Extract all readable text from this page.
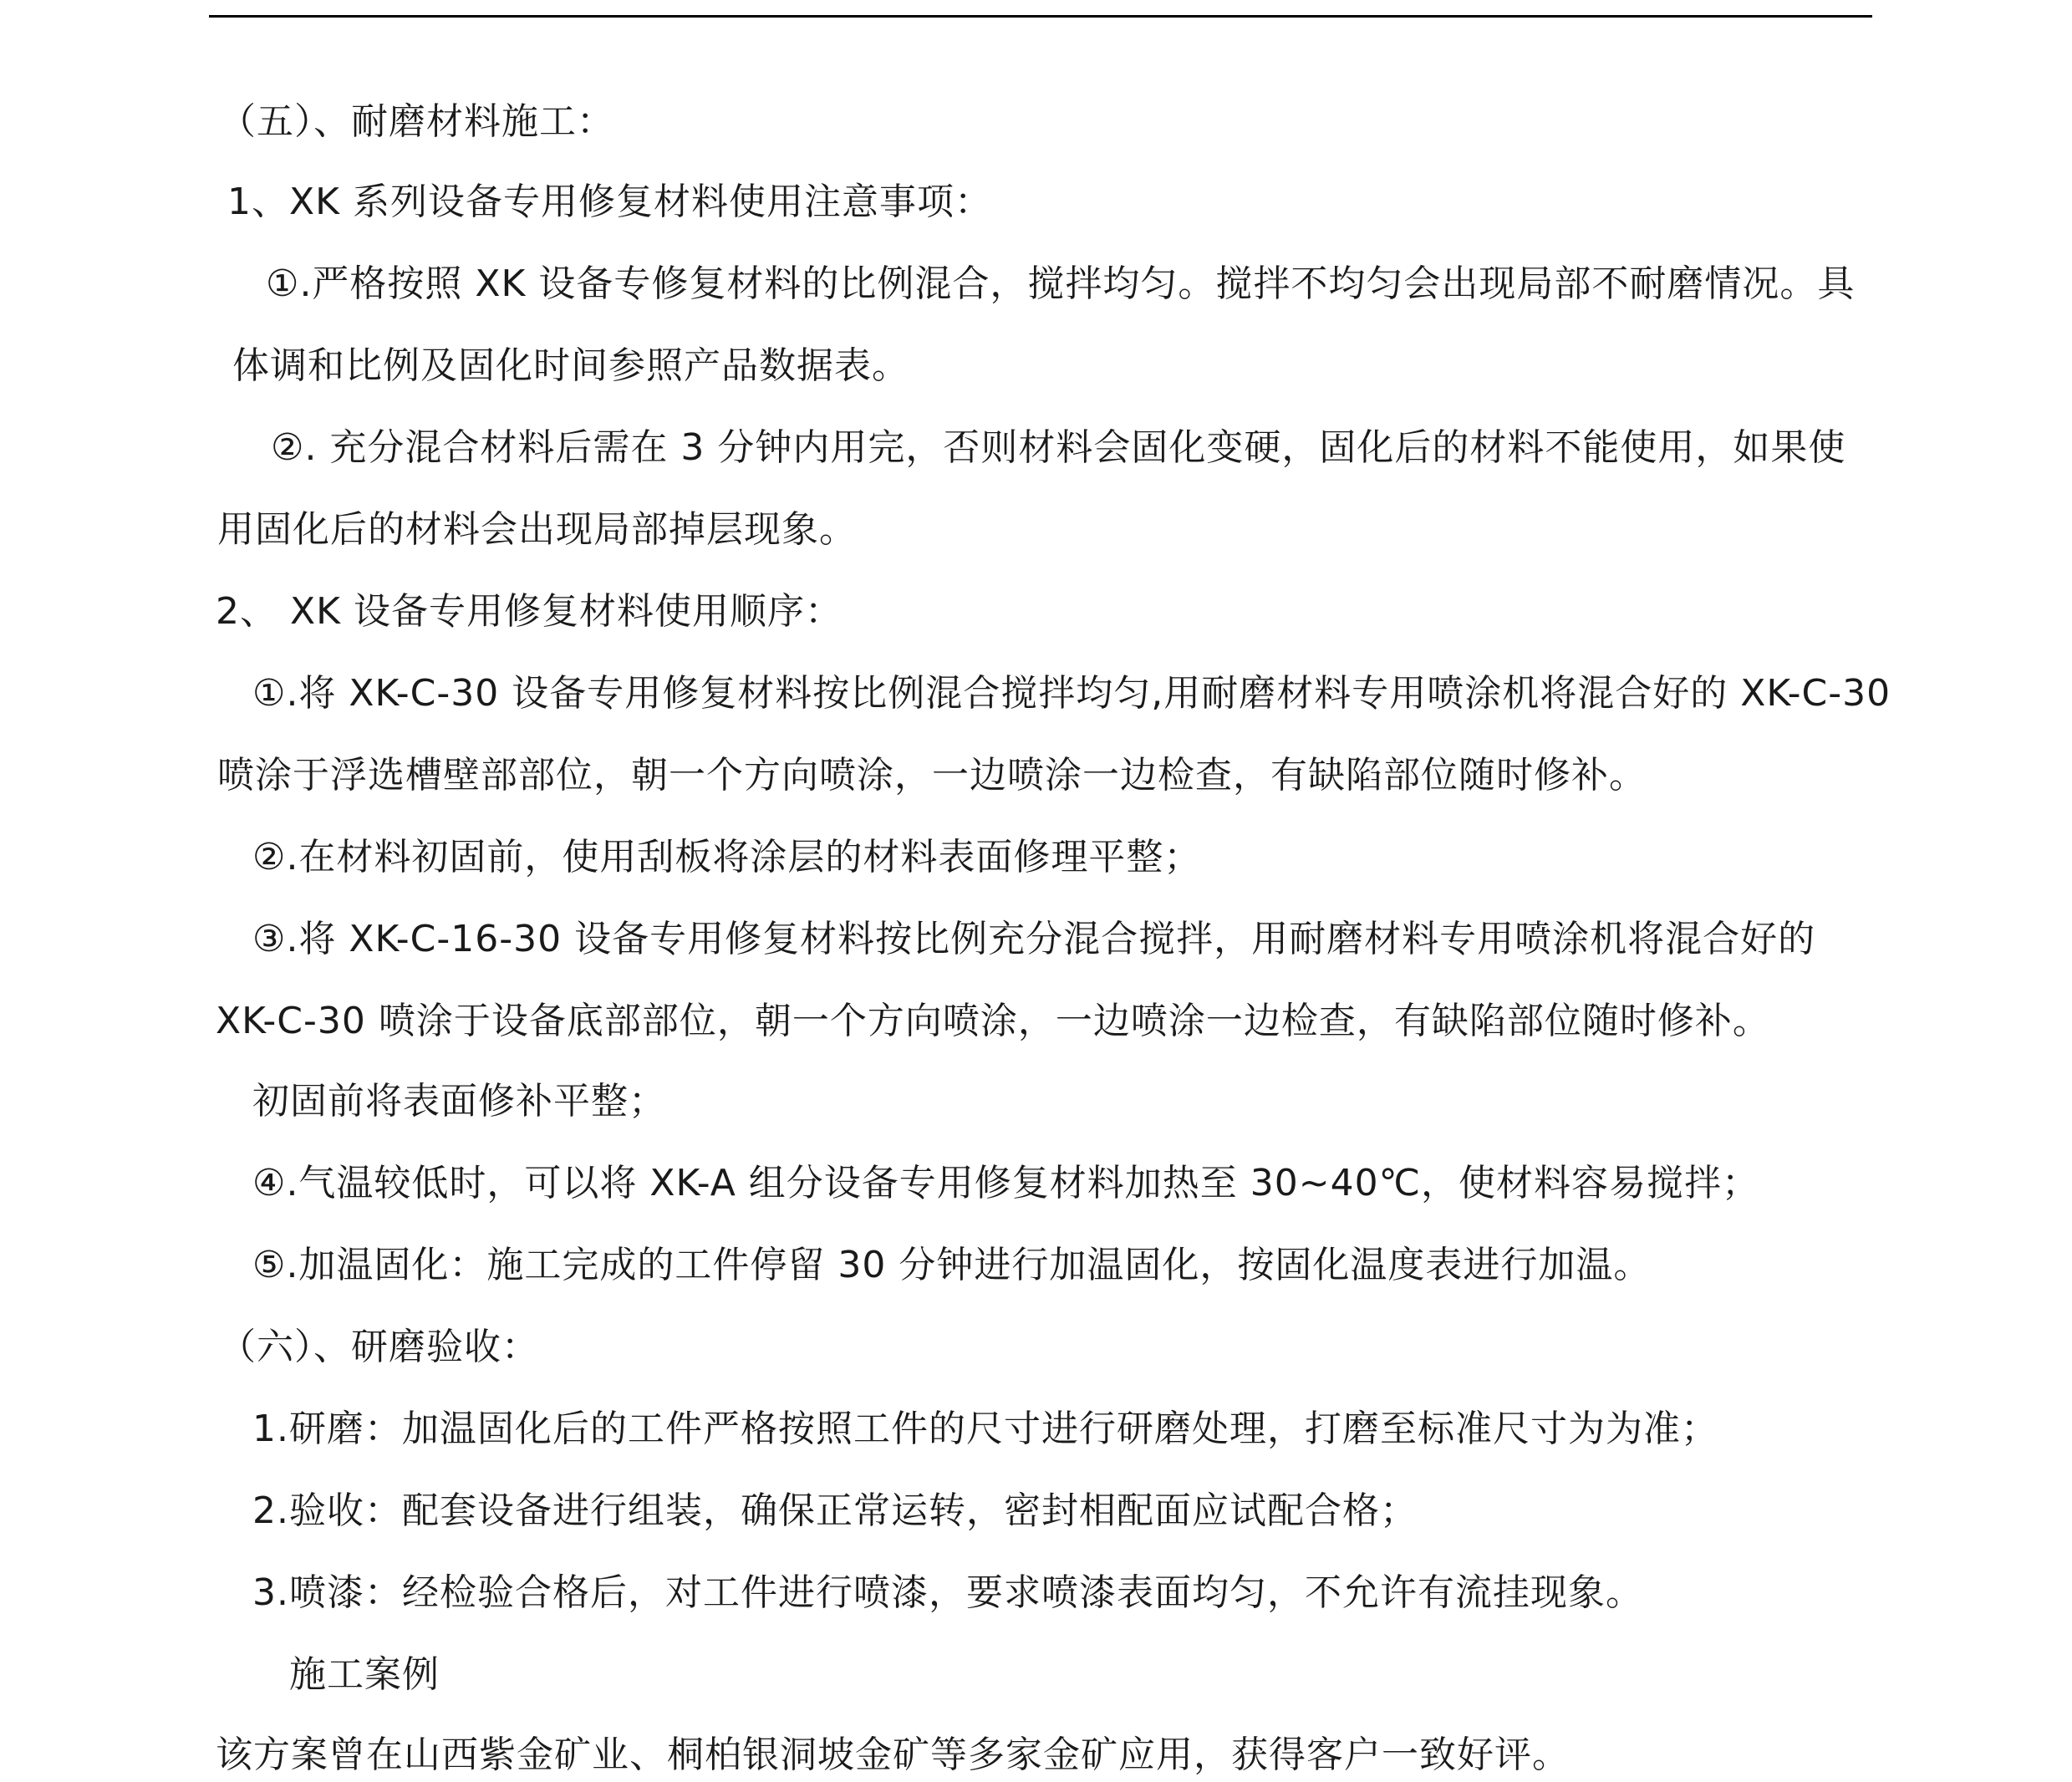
（五）、耐磨材料施工：
1、XK 系列设备专用修复材料使用注意事项：
①.严格按照 XK 设备专修复材料的比例混合，搅拌均匀。搅拌不均匀会出现局部不耐磨情况。具
体调和比例及固化时间参照产品数据表。
②. 充分混合材料后需在 3 分钟内用完，否则材料会固化变硬，固化后的材料不能使用，如果使
用固化后的材料会出现局部掉层现象。
2、 XK 设备专用修复材料使用顺序：
①.将 XK-C-30 设备专用修复材料按比例混合搅拌均匀,用耐磨材料专用喷涂机将混合好的 XK-C-30
喷涂于浮选槽壁部部位，朝一个方向喷涂，一边喷涂一边检查，有缺陷部位随时修补。
②.在材料初固前，使用刮板将涂层的材料表面修理平整；
③.将 XK-C-16-30 设备专用修复材料按比例充分混合搅拌，用耐磨材料专用喷涂机将混合好的
XK-C-30 喷涂于设备底部部位，朝一个方向喷涂，一边喷涂一边检查，有缺陷部位随时修补。
初固前将表面修补平整；
④.气温较低时，可以将 XK-A 组分设备专用修复材料加热至 30~40℃，使材料容易搅拌；
⑤.加温固化：施工完成的工件停留 30 分钟进行加温固化，按固化温度表进行加温。
（六）、研磨验收：
1.研磨：加温固化后的工件严格按照工件的尺寸进行研磨处理，打磨至标准尺寸为为准；
2.验收：配套设备进行组装，确保正常运转，密封相配面应试配合格；
3.喷漆：经检验合格后，对工件进行喷漆，要求喷漆表面均匀，不允许有流挂现象。
施工案例
该方案曾在山西紫金矿业、桐柏银洞坡金矿等多家金矿应用，获得客户一致好评。
